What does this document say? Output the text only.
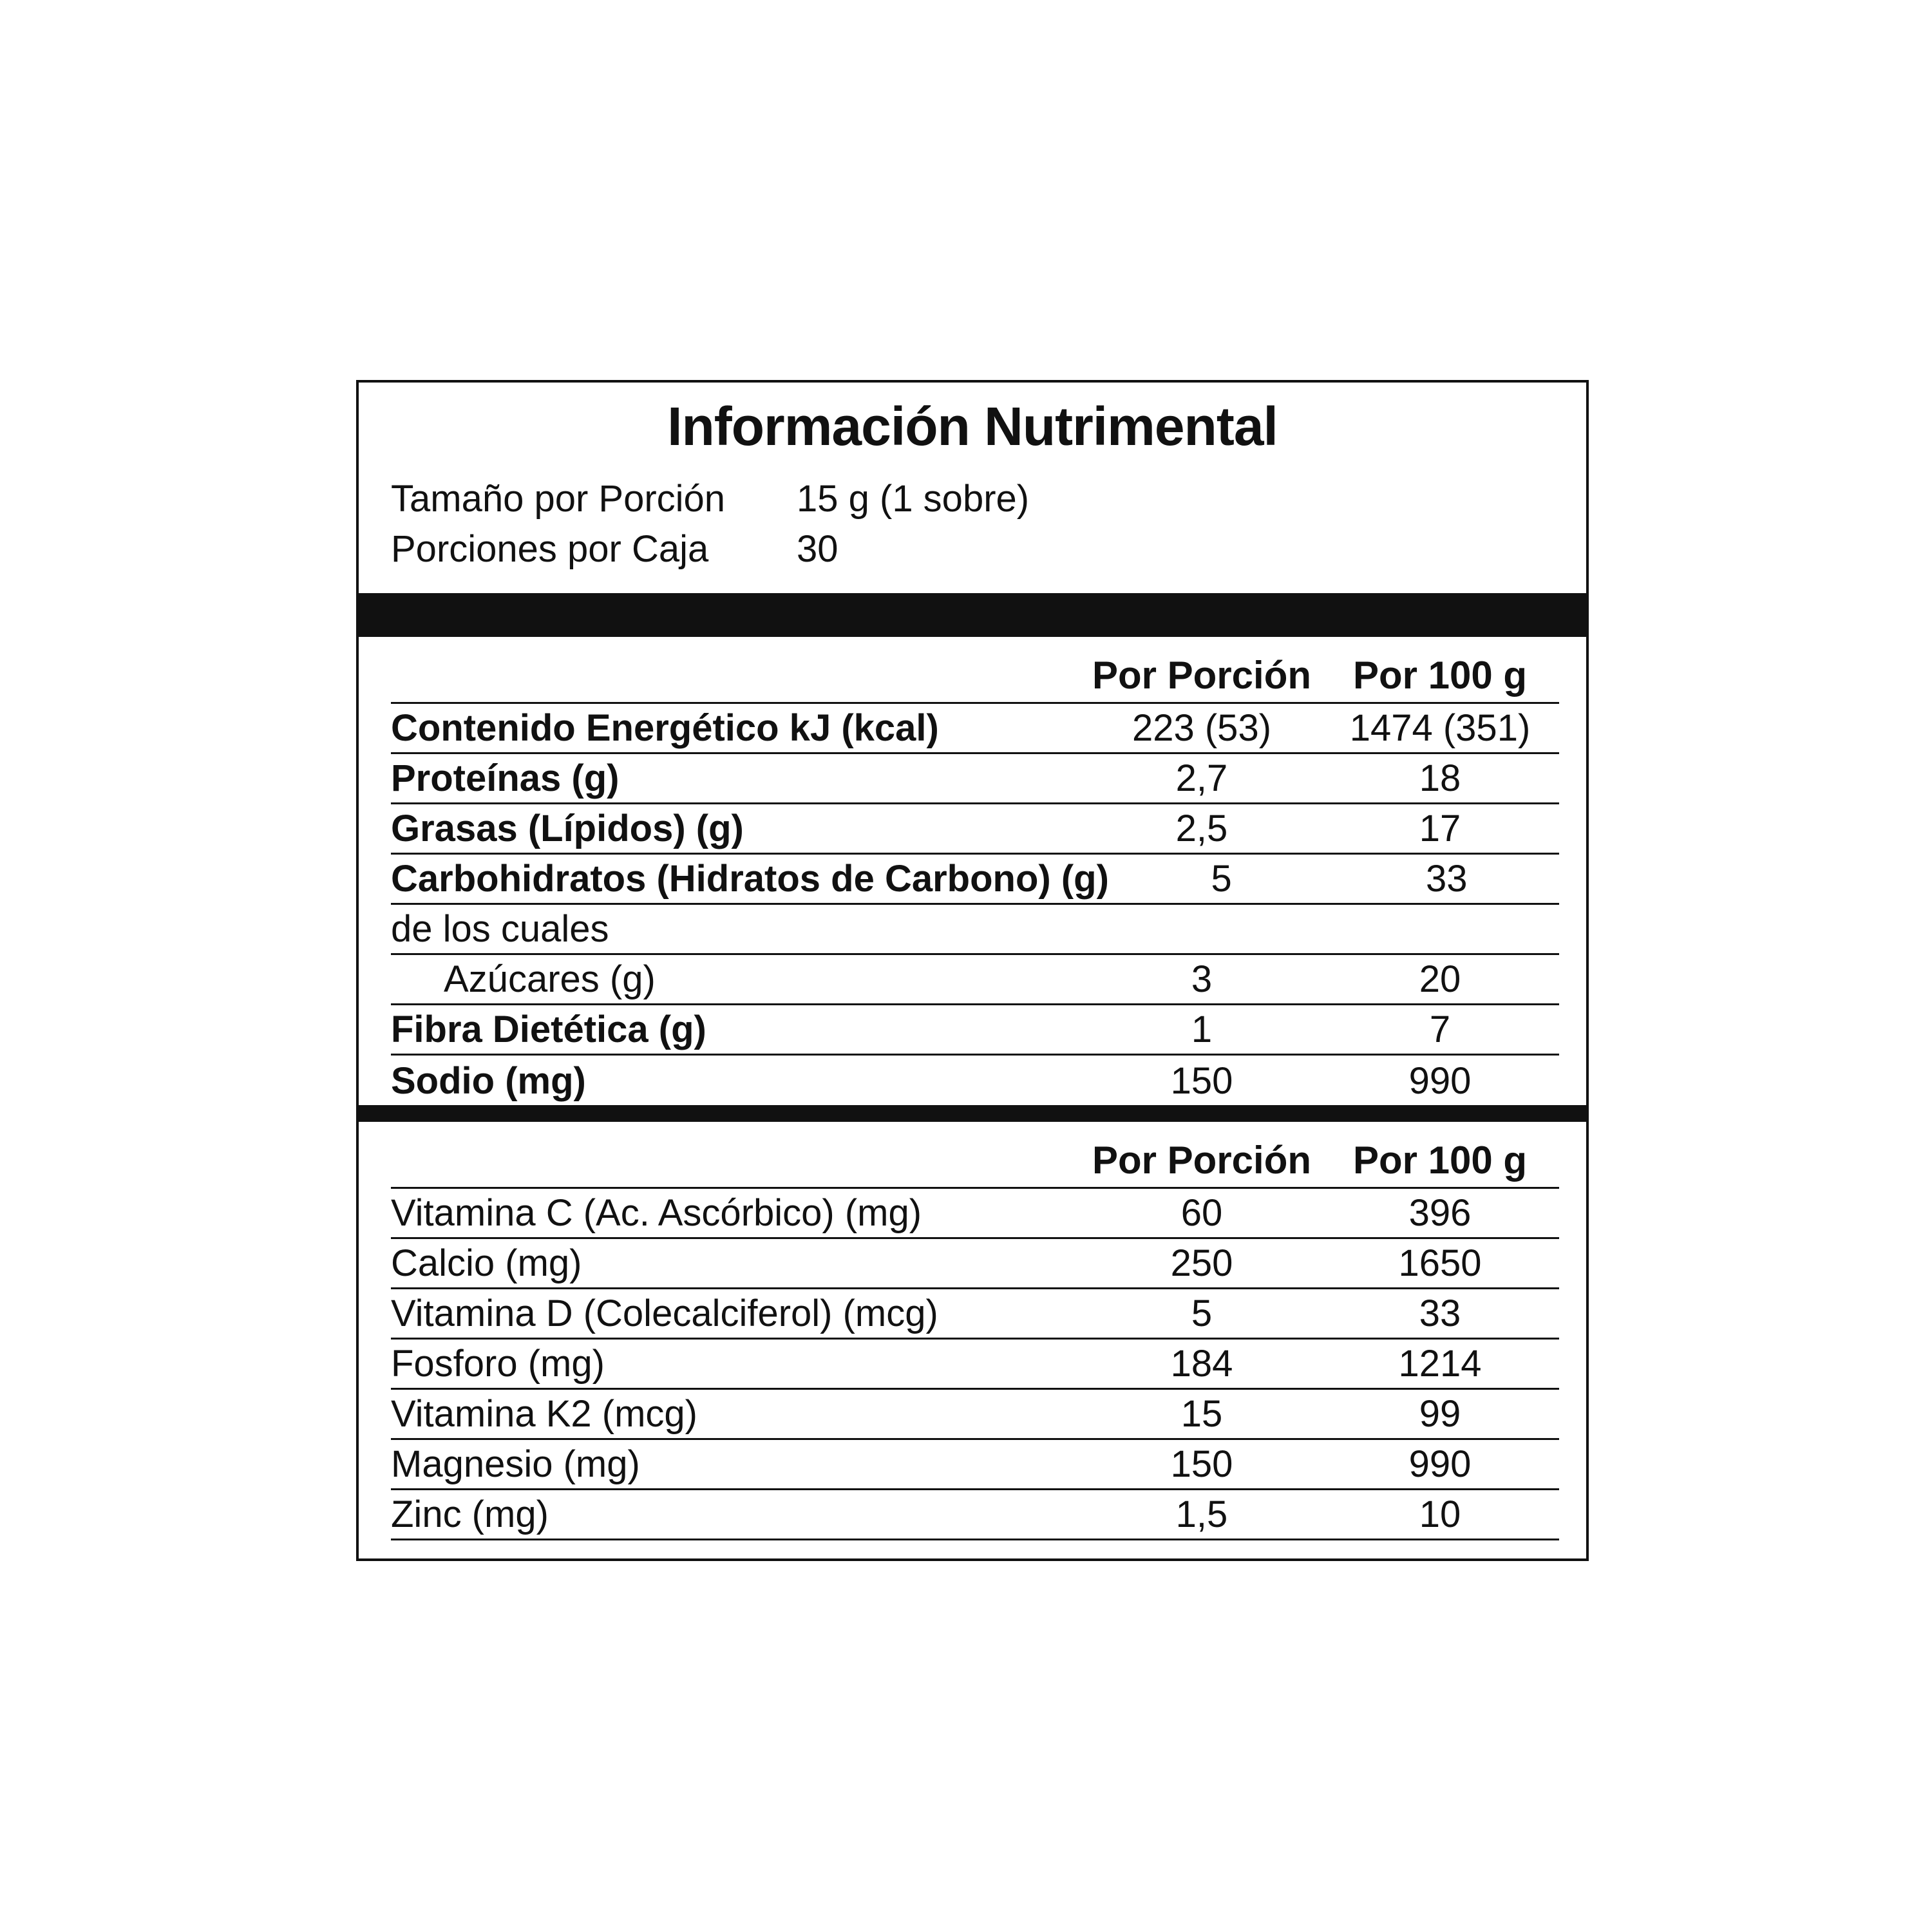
Información Nutrimental
Tamaño por Porción 15 g (1 sobre)
Porciones por Caja 30
Por Porción	Por 100 g
Contenido Energético kJ (kcal)	223 (53)	1474 (351)
Proteínas (g)	2,7	18
Grasas (Lípidos) (g)	2,5	17
Carbohidratos (Hidratos de Carbono) (g)	5	33
de los cuales
Azúcares (g)	3	20
Fibra Dietética (g)	1	7
Sodio (mg)	150	990
Por Porción	Por 100 g
Vitamina C (Ac. Ascórbico) (mg)	60	396
Calcio (mg)	250	1650
Vitamina D (Colecalciferol) (mcg)	5	33
Fosforo (mg)	184	1214
Vitamina K2 (mcg)	15	99
Magnesio (mg)	150	990
Zinc (mg)	1,5	10
